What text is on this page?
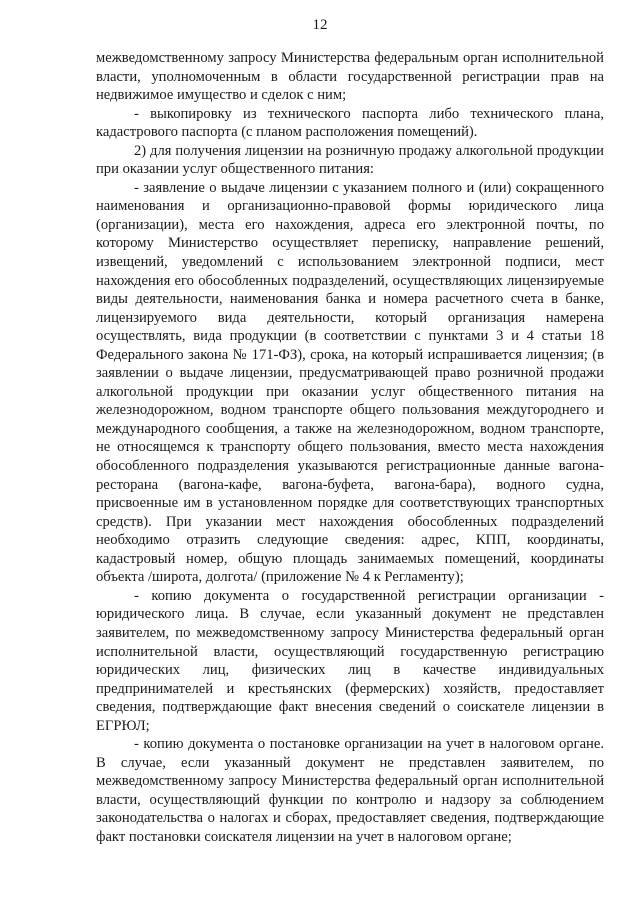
12

межведомственному запросу Министерства федеральным орган исполнительной власти, уполномоченным в области государственной регистрации прав на недвижимое имущество и сделок с ним;

- выкопировку из технического паспорта либо технического плана, кадастрового паспорта (с планом расположения помещений).

2) для получения лицензии на розничную продажу алкогольной продукции при оказании услуг общественного питания:

- заявление о выдаче лицензии с указанием полного и (или) сокращенного наименования и организационно-правовой формы юридического лица (организации), места его нахождения, адреса его электронной почты, по которому Министерство осуществляет переписку, направление решений, извещений, уведомлений с использованием электронной подписи, мест нахождения его обособленных подразделений, осуществляющих лицензируемые виды деятельности, наименования банка и номера расчетного счета в банке, лицензируемого вида деятельности, который организация намерена осуществлять, вида продукции (в соответствии с пунктами 3 и 4 статьи 18 Федерального закона № 171-ФЗ), срока, на который испрашивается лицензия; (в заявлении о выдаче лицензии, предусматривающей право розничной продажи алкогольной продукции при оказании услуг общественного питания на железнодорожном, водном транспорте общего пользования междугороднего и международного сообщения, а также на железнодорожном, водном транспорте, не относящемся к транспорту общего пользования, вместо места нахождения обособленного подразделения указываются регистрационные данные вагона-ресторана (вагона-кафе, вагона-буфета, вагона-бара), водного судна, присвоенные им в установленном порядке для соответствующих транспортных средств). При указании мест нахождения обособленных подразделений необходимо отразить следующие сведения: адрес, КПП, координаты, кадастровый номер, общую площадь занимаемых помещений, координаты объекта /широта, долгота/ (приложение № 4 к Регламенту);

- копию документа о государственной регистрации организации - юридического лица. В случае, если указанный документ не представлен заявителем, по межведомственному запросу Министерства федеральный орган исполнительной власти, осуществляющий государственную регистрацию юридических лиц, физических лиц в качестве индивидуальных предпринимателей и крестьянских (фермерских) хозяйств, предоставляет сведения, подтверждающие факт внесения сведений о соискателе лицензии в ЕГРЮЛ;

- копию документа о постановке организации на учет в налоговом органе. В случае, если указанный документ не представлен заявителем, по межведомственному запросу Министерства федеральный орган исполнительной власти, осуществляющий функции по контролю и надзору за соблюдением законодательства о налогах и сборах, предоставляет сведения, подтверждающие факт постановки соискателя лицензии на учет в налоговом органе;
